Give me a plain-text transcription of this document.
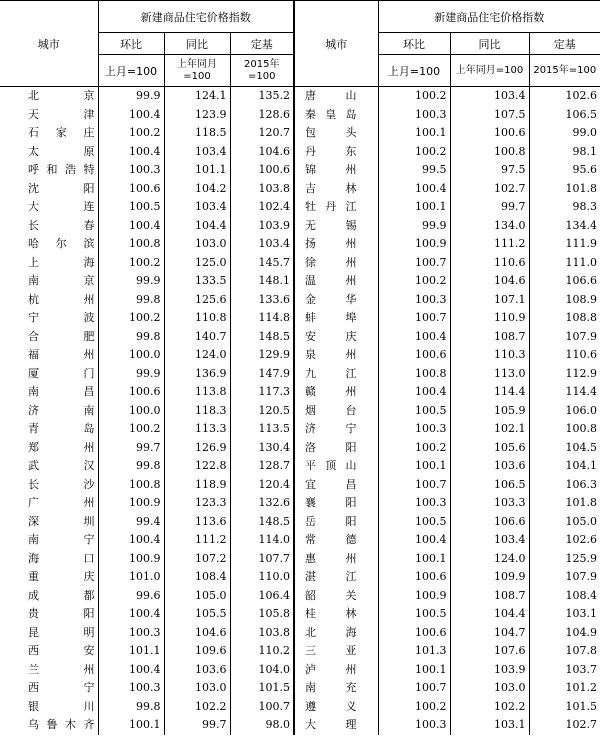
城市	新建商品住宅价格指数			城市	新建商品住宅价格指数		
	环比	同比	定基		环比	同比	定基
	上月=100	上年同月=100	2015年=100		上月=100	上年同月=100	2015年=100
北京	99.9	124.1	135.2	唐山	100.2	103.4	102.6
天津	100.4	123.9	128.6	秦皇岛	100.3	107.5	106.5
石家庄	100.2	118.5	120.7	包头	100.1	100.6	99.0
太原	100.4	103.4	104.6	丹东	100.2	100.8	98.1
呼和浩特	100.3	101.1	100.6	锦州	99.5	97.5	95.6
沈阳	100.6	104.2	103.8	吉林	100.4	102.7	101.8
大连	100.5	103.4	102.4	牡丹江	100.1	99.7	98.3
长春	100.4	104.4	103.9	无锡	99.9	134.0	134.4
哈尔滨	100.8	103.0	103.4	扬州	100.9	111.2	111.9
上海	100.2	125.0	145.7	徐州	100.7	110.6	111.0
南京	99.9	133.5	148.1	温州	100.2	104.6	106.6
杭州	99.8	125.6	133.6	金华	100.3	107.1	108.9
宁波	100.2	110.8	114.8	蚌埠	100.7	110.9	108.8
合肥	99.8	140.7	148.5	安庆	100.4	108.7	107.9
福州	100.0	124.0	129.9	泉州	100.6	110.3	110.6
厦门	99.9	136.9	147.9	九江	100.8	113.0	112.9
南昌	100.6	113.8	117.3	赣州	100.4	114.4	114.4
济南	100.0	118.3	120.5	烟台	100.5	105.9	106.0
青岛	100.2	113.3	113.5	济宁	100.3	102.1	100.8
郑州	99.7	126.9	130.4	洛阳	100.2	105.6	104.5
武汉	99.8	122.8	128.7	平顶山	100.1	103.6	104.1
长沙	100.8	118.9	120.4	宜昌	100.7	106.5	106.3
广州	100.9	123.3	132.6	襄阳	100.3	103.3	101.8
深圳	99.4	113.6	148.5	岳阳	100.5	106.6	105.0
南宁	100.4	111.2	114.0	常德	100.4	103.4	102.6
海口	100.9	107.2	107.7	惠州	100.1	124.0	125.9
重庆	101.0	108.4	110.0	湛江	100.6	109.9	107.9
成都	99.6	105.0	106.4	韶关	100.9	108.7	108.4
贵阳	100.4	105.5	105.8	桂林	100.5	104.4	103.1
昆明	100.3	104.6	103.8	北海	100.6	104.7	104.9
西安	101.1	109.6	110.2	三亚	101.3	107.6	107.8
兰州	100.4	103.6	104.0	泸州	100.1	103.9	103.7
西宁	100.3	103.0	101.5	南充	100.7	103.0	101.2
银川	99.8	102.2	100.7	遵义	100.2	102.2	101.5
乌鲁木齐	100.1	99.7	98.0	大理	100.3	103.1	102.7
